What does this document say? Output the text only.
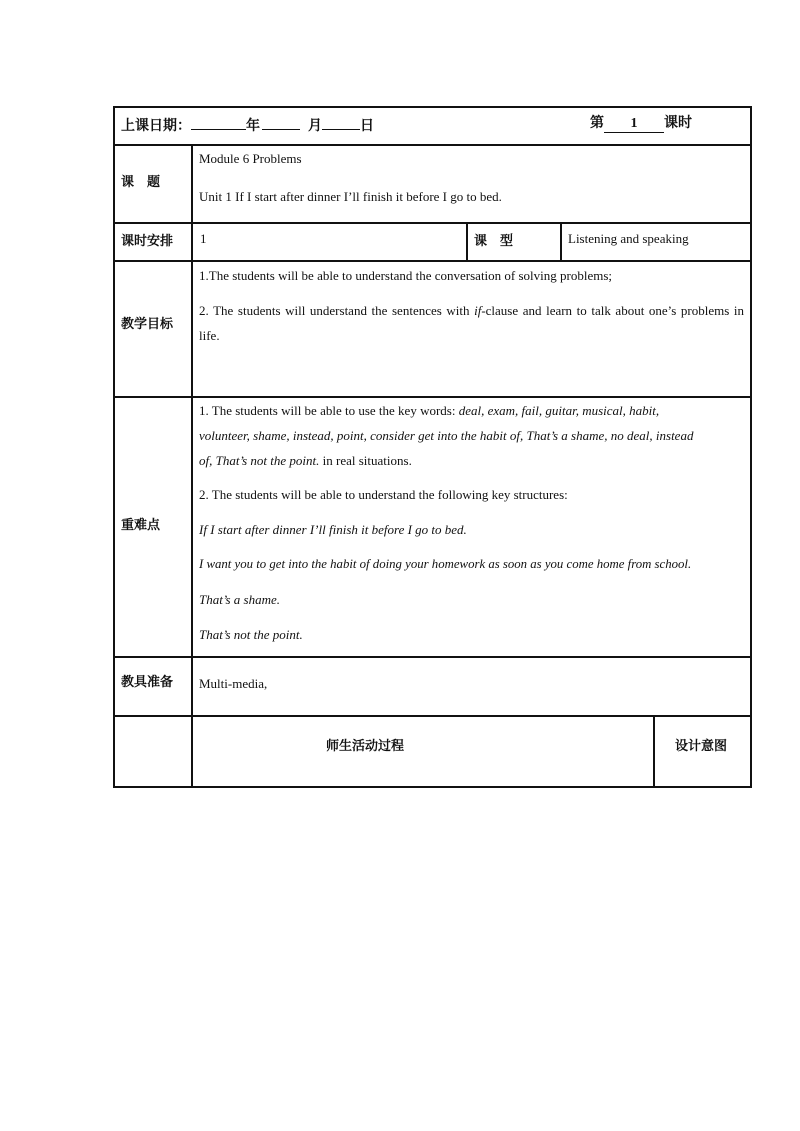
上课日期：	年	月	日	第 1 课时
课　题
Module 6 Problems
Unit 1 If I start after dinner I’ll finish it before I go to bed.
课时安排 1	课　型	Listening and speaking
教学目标
1.The students will be able to understand the conversation of solving problems;
2. The students will understand the sentences with if-clause and learn to talk about one’s problems in life.
重难点
1. The students will be able to use the key words: deal, exam, fail, guitar, musical, habit,
volunteer, shame, instead, point, consider get into the habit of, That’s a shame, no deal, instead
of, That’s not the point. in real situations.
2. The students will be able to understand the following key structures:
If I start after dinner I’ll finish it before I go to bed.
I want you to get into the habit of doing your homework as soon as you come home from school.
That’s a shame.
That’s not the point.
教具准备 Multi-media,
师生活动过程	设计意图
